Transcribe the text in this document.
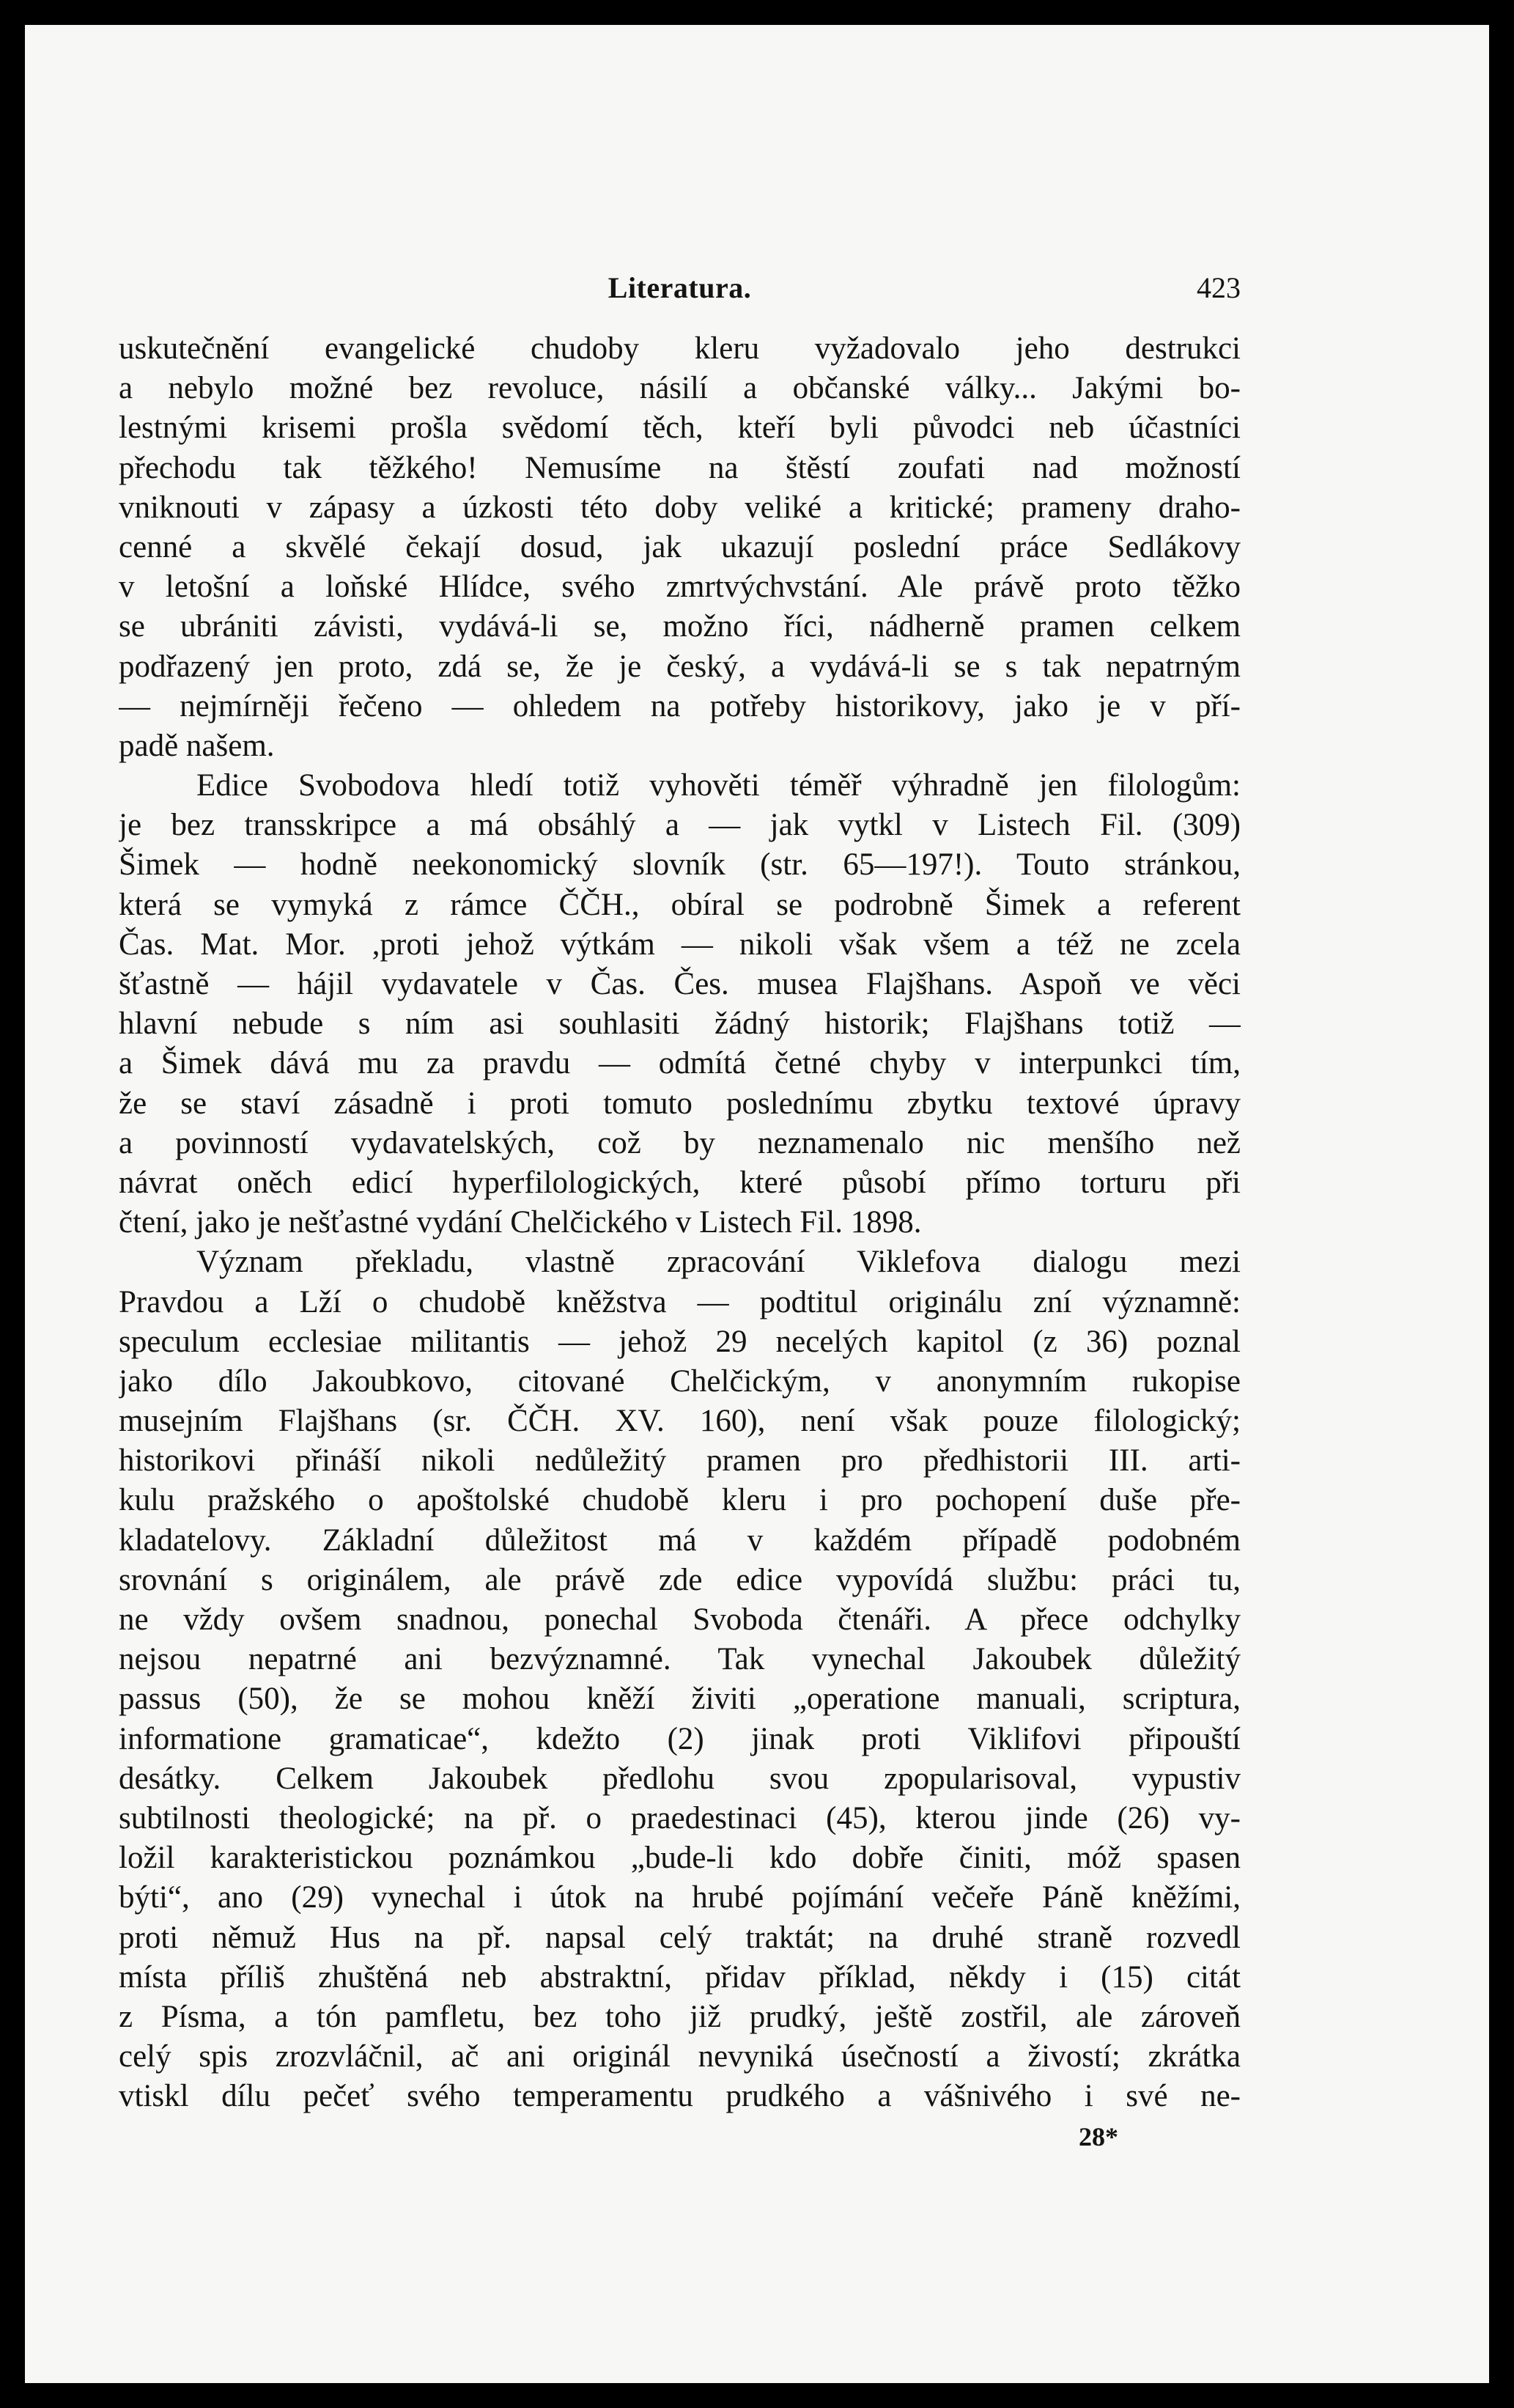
Literatura.	423
uskutečnění evangelické chudoby kleru vyžadovalo jeho destrukci
a nebylo možné bez revoluce, násilí a občanské války... Jakými bo-
lestnými krisemi prošla svědomí těch, kteří byli původci neb účastníci
přechodu tak těžkého! Nemusíme na štěstí zoufati nad možností
vniknouti v zápasy a úzkosti této doby veliké a kritické; prameny draho-
cenné a skvělé čekají dosud, jak ukazují poslední práce Sedlákovy
v letošní a loňské Hlídce, svého zmrtvýchvstání. Ale právě proto těžko
se ubrániti závisti, vydává-li se, možno říci, nádherně pramen celkem
podřazený jen proto, zdá se, že je český, a vydává-li se s tak nepatrným
— nejmírněji řečeno — ohledem na potřeby historikovy, jako je v pří-
padě našem.
Edice Svobodova hledí totiž vyhověti téměř výhradně jen filologům:
je bez transskripce a má obsáhlý a — jak vytkl v Listech Fil. (309)
Šimek — hodně neekonomický slovník (str. 65—197!). Touto stránkou,
která se vymyká z rámce ČČH., obíral se podrobně Šimek a referent
Čas. Mat. Mor. ,proti jehož výtkám — nikoli však všem a též ne zcela
šťastně — hájil vydavatele v Čas. Čes. musea Flajšhans. Aspoň ve věci
hlavní nebude s ním asi souhlasiti žádný historik; Flajšhans totiž —
a Šimek dává mu za pravdu — odmítá četné chyby v interpunkci tím,
že se staví zásadně i proti tomuto poslednímu zbytku textové úpravy
a povinností vydavatelských, což by neznamenalo nic menšího než
návrat oněch edicí hyperfilologických, které působí přímo torturu při
čtení, jako je nešťastné vydání Chelčického v Listech Fil. 1898.
Význam překladu, vlastně zpracování Viklefova dialogu mezi
Pravdou a Lží o chudobě kněžstva — podtitul originálu zní významně:
speculum ecclesiae militantis — jehož 29 necelých kapitol (z 36) poznal
jako dílo Jakoubkovo, citované Chelčickým, v anonymním rukopise
musejním Flajšhans (sr. ČČH. XV. 160), není však pouze filologický;
historikovi přináší nikoli nedůležitý pramen pro předhistorii III. arti-
kulu pražského o apoštolské chudobě kleru i pro pochopení duše pře-
kladatelovy. Základní důležitost má v každém případě podobném
srovnání s originálem, ale právě zde edice vypovídá službu: práci tu,
ne vždy ovšem snadnou, ponechal Svoboda čtenáři. A přece odchylky
nejsou nepatrné ani bezvýznamné. Tak vynechal Jakoubek důležitý
passus (50), že se mohou kněží živiti „operatione manuali, scriptura,
informatione gramaticae“, kdežto (2) jinak proti Viklifovi připouští
desátky. Celkem Jakoubek předlohu svou zpopularisoval, vypustiv
subtilnosti theologické; na př. o praedestinaci (45), kterou jinde (26) vy-
ložil karakteristickou poznámkou „bude-li kdo dobře činiti, móž spasen
býti“, ano (29) vynechal i útok na hrubé pojímání večeře Páně kněžími,
proti němuž Hus na př. napsal celý traktát; na druhé straně rozvedl
místa příliš zhuštěná neb abstraktní, přidav příklad, někdy i (15) citát
z Písma, a tón pamfletu, bez toho již prudký, ještě zostřil, ale zároveň
celý spis zrozvláčnil, ač ani originál nevyniká úsečností a živostí; zkrátka
vtiskl dílu pečeť svého temperamentu prudkého a vášnivého i své ne-
28*
